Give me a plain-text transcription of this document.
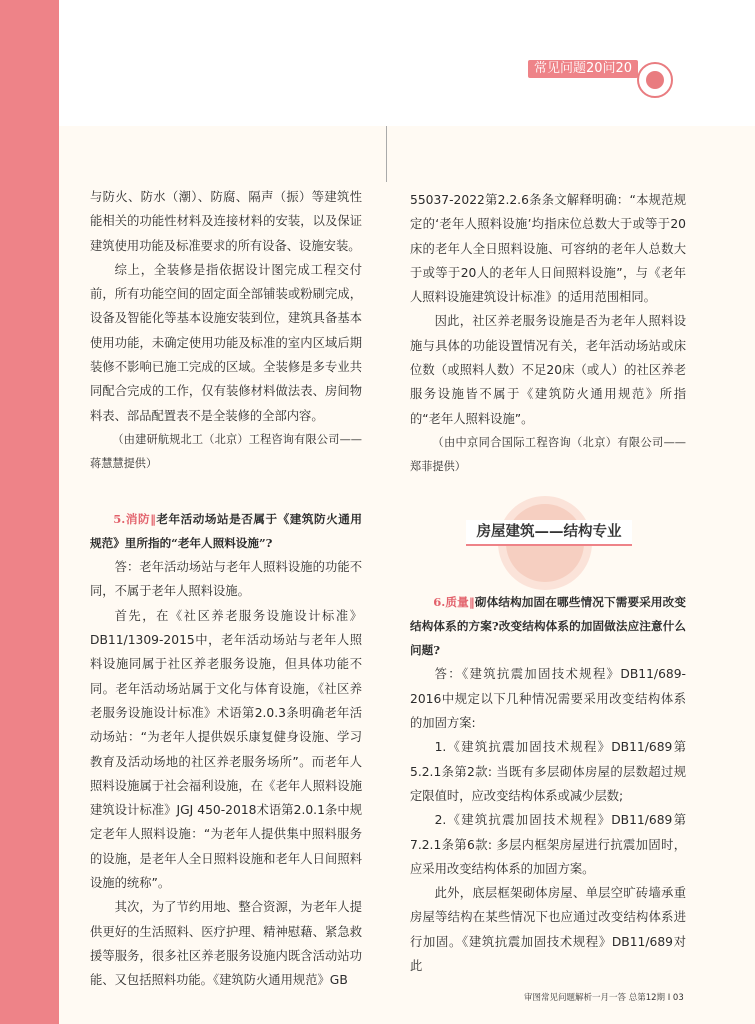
常见问题20问20答

与防火、防水（潮）、防腐、隔声（振）等建筑性能相关的功能性材料及连接材料的安装，以及保证建筑使用功能及标准要求的所有设备、设施安装。

综上，全装修是指依据设计图完成工程交付前，所有功能空间的固定面全部铺装或粉刷完成，设备及智能化等基本设施安装到位，建筑具备基本使用功能，未确定使用功能及标准的室内区域后期装修不影响已施工完成的区域。全装修是多专业共同配合完成的工作，仅有装修材料做法表、房间物料表、部品配置表不是全装修的全部内容。

（由建研航规北工（北京）工程咨询有限公司——蒋慧慧提供）

5.消防‖老年活动场站是否属于《建筑防火通用规范》里所指的“老年人照料设施”?

答：老年活动场站与老年人照料设施的功能不同，不属于老年人照料设施。

首先，在《社区养老服务设施设计标准》DB11/1309-2015中，老年活动场站与老年人照料设施同属于社区养老服务设施，但具体功能不同。老年活动场站属于文化与体育设施，《社区养老服务设施设计标准》术语第2.0.3条明确老年活动场站：“为老年人提供娱乐康复健身设施、学习教育及活动场地的社区养老服务场所”。而老年人照料设施属于社会福利设施，在《老年人照料设施建筑设计标准》JGJ 450-2018术语第2.0.1条中规定老年人照料设施：“为老年人提供集中照料服务的设施，是老年人全日照料设施和老年人日间照料设施的统称”。

其次，为了节约用地、整合资源，为老年人提供更好的生活照料、医疗护理、精神慰藉、紧急救援等服务，很多社区养老服务设施内既含活动站功能、又包括照料功能。《建筑防火通用规范》GB

55037-2022第2.2.6条条文解释明确：“本规范规定的‘老年人照料设施’均指床位总数大于或等于20床的老年人全日照料设施、可容纳的老年人总数大于或等于20人的老年人日间照料设施”，与《老年人照料设施建筑设计标准》的适用范围相同。

因此，社区养老服务设施是否为老年人照料设施与具体的功能设置情况有关，老年活动场站或床位数（或照料人数）不足20床（或人）的社区养老服务设施皆不属于《建筑防火通用规范》所指的“老年人照料设施”。

（由中京同合国际工程咨询（北京）有限公司——郑菲提供）

房屋建筑——结构专业

6.质量‖砌体结构加固在哪些情况下需要采用改变结构体系的方案?改变结构体系的加固做法应注意什么问题?

答：《建筑抗震加固技术规程》DB11/689-2016中规定以下几种情况需要采用改变结构体系的加固方案:

1.《建筑抗震加固技术规程》DB11/689第5.2.1条第2款: 当既有多层砌体房屋的层数超过规定限值时，应改变结构体系或减少层数;

2.《建筑抗震加固技术规程》DB11/689第7.2.1条第6款: 多层内框架房屋进行抗震加固时，应采用改变结构体系的加固方案。

此外，底层框架砌体房屋、单层空旷砖墙承重房屋等结构在某些情况下也应通过改变结构体系进行加固。《建筑抗震加固技术规程》DB11/689对此

审图常见问题解析一月一答 总第12期 I 03
